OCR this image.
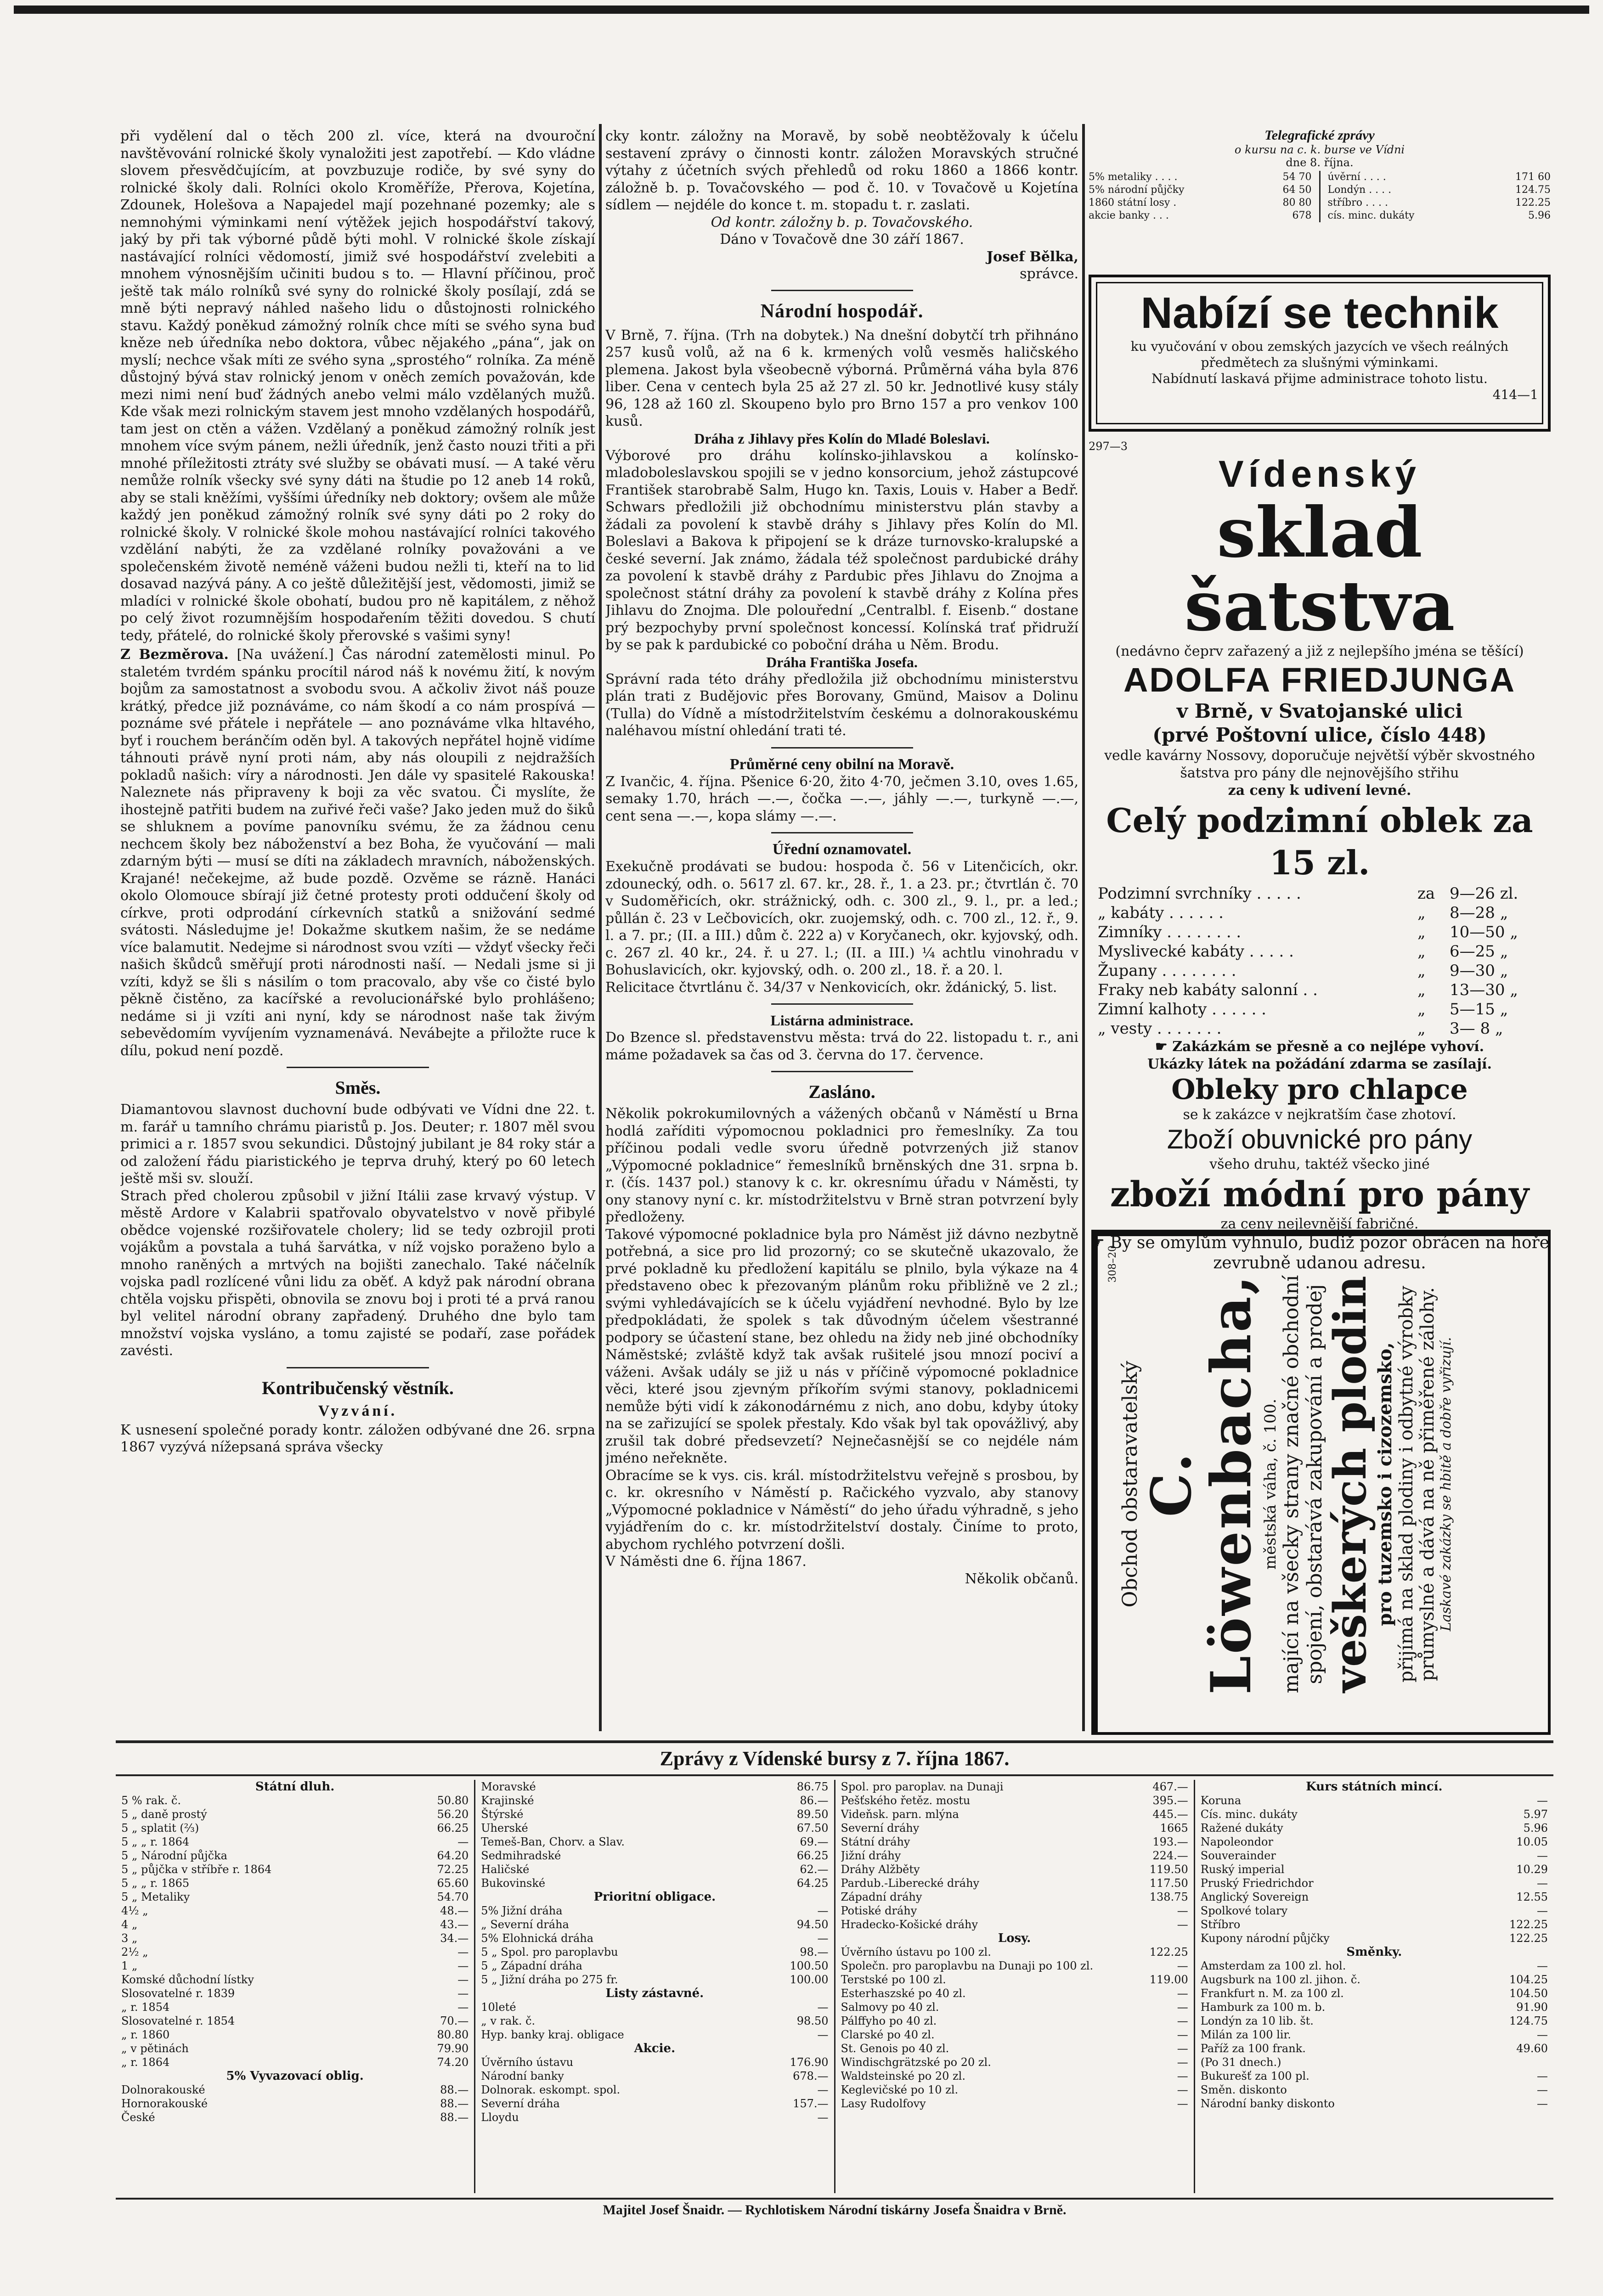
při vydělení dal o těch 200 zl. více, která na dvouroční navštěvování rolnické školy vynaložiti jest zapotřebí. — Kdo vládne slovem přesvědčujícím, at povzbuzuje rodiče, by své syny do rolnické školy dali. Rolníci okolo Kroměříže, Přerova, Kojetína, Zdounek, Holešova a Napajedel mají pozehnané pozemky; ale s nemnohými výminkami není výtěžek jejich hospodářství takový, jaký by při tak výborné půdě býti mohl. V rolnické škole získají nastávající rolníci vědomostí, jimiž své hospodářství zvelebiti a mnohem výnosnějším učiniti budou s to. — Hlavní příčinou, proč ještě tak málo rolníků své syny do rolnické školy posílají, zdá se mně býti nepravý náhled našeho lidu o důstojnosti rolnického stavu. Každý poněkud zámožný rolník chce míti se svého syna buď kněze neb úředníka nebo doktora, vůbec nějakého „pána“, jak on myslí; nechce však míti ze svého syna „sprostého“ rolníka. Za méně důstojný bývá stav rolnický jenom v oněch zemích považován, kde mezi nimi není buď žádných anebo velmi málo vzdělaných mužů. Kde však mezi rolnickým stavem jest mnoho vzdělaných hospodářů, tam jest on ctěn a vážen. Vzdělaný a poněkud zámožný rolník jest mnohem více svým pánem, nežli úředník, jenž často nouzi třiti a při mnohé příležitosti ztráty své služby se obávati musí. — A také věru nemůže rolník všecky své syny dáti na študie po 12 aneb 14 roků, aby se stali kněžími, vyššími úředníky neb doktory; ovšem ale může každý jen poněkud zámožný rolník své syny dáti po 2 roky do rolnické školy. V rolnické škole mohou nastávající rolníci takového vzdělání nabýti, že za vzdělané rolníky považováni a ve společenském životě neméně váženi budou nežli ti, kteří na to lid dosavad nazývá pány. A co ještě důležitější jest, vědomosti, jimiž se mladíci v rolnické škole obohatí, budou pro ně kapitálem, z něhož po celý život rozumnějším hospodařením těžiti dovedou. S chutí tedy, přátelé, do rolnické školy přerovské s vašimi syny!

Z Bezměrova. [Na uvážení.] Čas národní zatemělosti minul. Po staletém tvrdém spánku procítil národ náš k novému žití, k novým bojům za samostatnost a svobodu svou. A ačkoliv život náš pouze krátký, předce již poznáváme, co nám škodí a co nám prospívá — poznáme své přátele i nepřátele — ano poznáváme vlka hltavého, byť i rouchem beránčím oděn byl. A takových nepřátel hojně vidíme táhnouti právě nyní proti nám, aby nás oloupili z nejdražších pokladů našich: víry a národnosti. Jen dále vy spasitelé Rakouska! Naleznete nás připraveny k boji za věc svatou. Či myslíte, že ihostejně patřiti budem na zuřivé řeči vaše? Jako jeden muž do šiků se shluknem a povíme panovníku svému, že za žádnou cenu nechcem školy bez náboženství a bez Boha, že vyučování — mali zdarným býti — musí se díti na základech mravních, náboženských. Krajané! nečekejme, až bude pozdě. Ozvěme se rázně. Hanáci okolo Olomouce sbírají již četné protesty proti oddučení školy od církve, proti odprodání církevních statků a snižování sedmé svátosti. Následujme je! Dokažme skutkem našim, že se nedáme více balamutit. Nedejme si národnost svou vzíti — vždyť všecky řeči našich škůdců směřují proti národnosti naší. — Nedali jsme si ji vzíti, když se šli s násilím o tom pracovalo, aby vše co čisté bylo pěkně čistěno, za kacířské a revolucionářské bylo prohlášeno; nedáme si ji vzíti ani nyní, kdy se národnost naše tak živým sebevědomím vyvíjením vyznamenává. Nevábejte a přiložte ruce k dílu, pokud není pozdě.

Směs.

Diamantovou slavnost duchovní bude odbývati ve Vídni dne 22. t. m. farář u tamního chrámu piaristů p. Jos. Deuter; r. 1807 měl svou primici a r. 1857 svou sekundici. Důstojný jubilant je 84 roky stár a od založení řádu piaristického je teprva druhý, který po 60 letech ještě mši sv. slouží.

Strach před cholerou způsobil v jižní Itálii zase krvavý výstup. V městě Ardore v Kalabrii spatřovalo obyvatelstvo v nově přibylé obědce vojenské rozšiřovatele cholery; lid se tedy ozbrojil proti vojákům a povstala a tuhá šarvátka, v níž vojsko poraženo bylo a mnoho raněných a mrtvých na bojišti zanechalo. Také náčelník vojska padl rozlícené vůni lidu za oběť. A když pak národní obrana chtěla vojsku přispěti, obnovila se znovu boj i proti té a prvá ranou byl velitel národní obrany zapřadený. Druhého dne bylo tam množství vojska vysláno, a tomu zajisté se podaří, zase pořádek zavésti.

Kontribučenský věstník.
Vyzvání.

K usnesení společné porady kontr. záložen odbývané dne 26. srpna 1867 vyzývá nížepsaná správa všecky

cky kontr. záložny na Moravě, by sobě neobtěžovaly k účelu sestavení zprávy o činnosti kontr. záložen Moravských stručné výtahy z účetních svých přehledů od roku 1860 a 1866 kontr. záložně b. p. Tovačovského — pod č. 10. v Tovačově u Kojetína sídlem — nejdéle do konce t. m. stopadu t. r. zaslati.

Od kontr. záložny b. p. Tovačovského.

Dáno v Tovačově dne 30 září 1867.

Josef Bělka,

správce.

Národní hospodář.

V Brně, 7. října. (Trh na dobytek.) Na dnešní dobytčí trh přihnáno 257 kusů volů, až na 6 k. krmených volů vesměs haličského plemena. Jakost byla všeobecně výborná. Průměrná váha byla 876 liber. Cena v centech byla 25 až 27 zl. 50 kr. Jednotlivé kusy stály 96, 128 až 160 zl. Skoupeno bylo pro Brno 157 a pro venkov 100 kusů.

Dráha z Jihlavy přes Kolín do Mladé Boleslavi.

Výborové pro dráhu kolínsko-jihlavskou a kolínsko-mladoboleslavskou spojili se v jedno konsorcium, jehož zástupcové František starobrabě Salm, Hugo kn. Taxis, Louis v. Haber a Bedř. Schwars předložili již obchodnímu ministerstvu plán stavby a žádali za povolení k stavbě dráhy s Jihlavy přes Kolín do Ml. Boleslavi a Bakova k připojení se k dráze turnovsko-kralupské a české severní. Jak známo, žádala též společnost pardubické dráhy za povolení k stavbě dráhy z Pardubic přes Jihlavu do Znojma a společnost státní dráhy za povolení k stavbě dráhy z Kolína přes Jihlavu do Znojma. Dle polouřední „Centralbl. f. Eisenb.“ dostane prý bezpochyby první společnost koncessí. Kolínská trať přidruží by se pak k pardubické co poboční dráha u Něm. Brodu.

Dráha Františka Josefa.

Správní rada této dráhy předložila již obchodnímu ministerstvu plán trati z Budějovic přes Borovany, Gmünd, Maisov a Dolinu (Tulla) do Vídně a místodržitelstvím českému a dolnorakouskému naléhavou místní ohledání trati té.

Průměrné ceny obilní na Moravě.

Z Ivančic, 4. října. Pšenice 6·20, žito 4·70, ječmen 3.10, oves 1.65, semaky 1.70, hrách —.—, čočka —.—, jáhly —.—, turkyně —.—, cent sena —.—, kopa slámy —.—.

Úřední oznamovatel.

Exekučně prodávati se budou: hospoda č. 56 v Litenčicích, okr. zdounecký, odh. o. 5617 zl. 67. kr., 28. ř., 1. a 23. pr.; čtvrtlán č. 70 v Sudoměřicích, okr. strážnický, odh. c. 300 zl., 9. l., pr. a led.; půllán č. 23 v Lečbovicích, okr. zuojemský, odh. c. 700 zl., 12. ř., 9. l. a 7. pr.; (II. a III.) dům č. 222 a) v Koryčanech, okr. kyjovský, odh. c. 267 zl. 40 kr., 24. ř. u 27. l.; (II. a III.) ¼ achtlu vinohradu v Bohuslavicích, okr. kyjovský, odh. o. 200 zl., 18. ř. a 20. l.

Relicitace čtvrtlánu č. 34/37 v Nenkovicích, okr. ždánický, 5. list.

Listárna administrace.

Do Bzence sl. představenstvu města: trvá do 22. listopadu t. r., ani máme požadavek sa čas od 3. června do 17. července.

Zasláno.

Několik pokrokumilovných a vážených občanů v Náměstí u Brna hodlá zaříditi výpomocnou pokladnici pro řemeslníky. Za tou příčinou podali vedle svoru úředně potvrzených již stanov „Výpomocné pokladnice“ řemeslníků brněnských dne 31. srpna b. r. (čís. 1437 pol.) stanovy k c. kr. okresnímu úřadu v Náměsti, ty ony stanovy nyní c. kr. místodržitelstvu v Brně stran potvrzení byly předloženy.

Takové výpomocné pokladnice byla pro Náměst již dávno nezbytně potřebná, a sice pro lid prozorný; co se skutečně ukazovalo, že prvé pokladně ku předložení kapitálu se plnilo, byla výkaze na 4 představeno obec k přezovaným plánům roku přibližně ve 2 zl.; svými vyhledávajících se k účelu vyjádření nevhodné. Bylo by lze předpokládati, že spolek s tak důvodným účelem všestranné podpory se účastení stane, bez ohledu na židy neb jiné obchodníky Náměstské; zvláště když tak avšak rušitelé jsou mnozí pociví a váženi. Avšak udály se již u nás v příčině výpomocné pokladnice věci, které jsou zjevným příkořím svými stanovy, pokladnicemi nemůže býti vidí k zákonodárnému z nich, ano dobu, kdyby útoky na se zařizující se spolek přestaly. Kdo však byl tak opovážlivý, aby zrušil tak dobré předsevzetí? Nejnečasnější se co nejdéle nám jméno neřekněte.

Obracíme se k vys. cis. král. místodržitelstvu veřejně s prosbou, by c. kr. okresního v Náměstí p. Račického vyzvalo, aby stanovy „Výpomocné pokladnice v Náměstí“ do jeho úřadu výhradně, s jeho vyjádřením do c. kr. místodržitelství dostaly. Činíme to proto, abychom rychlého potvrzení došli.

V Náměsti dne 6. října 1867.

Několik občanů.

Telegrafické zprávy
o kursu na c. k. burse ve Vídni
dne 8. října.
5% metaliky . . . .	54 70
5% národní půjčky	64 50
1860 státní losy .	80 80
akcie banky . . .	678
úvěrní . . . .	171 60
Londýn . . . .	124.75
stříbro . . . .	122.25
cís. minc. dukáty	5.96
Nabízí se technik

ku vyučování v obou zemských jazycích ve všech reálných předmětech za slušnými výminkami.

Nabídnutí laskavá přijme administrace tohoto listu.

414—1

297—3
Vídenský
sklad šatstva
(nedávno čeprv zařazený a již z nejlepšího jména se těšící)
ADOLFA FRIEDJUNGA
v Brně, v Svatojanské ulici
(prvé Poštovní ulice, číslo 448)
vedle kavárny Nossovy, doporučuje největší výběr skvostného šatstva pro pány dle nejnovějšího střihu
za ceny k udivení levné.
Celý podzimní oblek za 15 zl.
Podzimní svrchníky . . . . .	za 9—26 zl.
„ kabáty . . . . . .	„	8—28 „
Zimníky . . . . . . . .	„	10—50 „
Myslivecké kabáty . . . . .	„	6—25 „
Župany . . . . . . . .	„	9—30 „
Fraky neb kabáty salonní . .	„	13—30 „
Zimní kalhoty . . . . . .	„	5—15 „
„ vesty . . . . . . .	„	3— 8 „
☛ Zakázkám se přesně a co nejlépe vyhoví.
Ukázky látek na požádání zdarma se zasílají.
Obleky pro chlapce
se k zakázce v nejkratším čase zhotoví.
Zboží obuvnické pro pány
všeho druhu, taktéž všecko jiné
zboží módní pro pány
za ceny nejlevnější fabričné.
☛ By se omylům vyhnulo, budiž pozor obrácen na hoře zevrubně udanou adresu.
308–20
Obchod obstaravatelský
C. Löwenbacha,
městská váha, č. 100. mající na všecky strany značné obchodní spojení, obstarává zakupování a prodej
veškerých plodin
pro tuzemsko i cizozemsko, přijímá na sklad plodiny i odbytné výrobky průmyslné a dává na ně přiměřené zálohy. Laskavé zakázky se hbitě a dobře vyřizují.
Zprávy z Vídenské bursy z 7. října 1867.
Státní dluh.
5 % rak. č.	50.80
5 „ daně prostý	56.20
5 „ splatit (⅔)	66.25
5 „ „ r. 1864	—
5 „ Národní půjčka	64.20
5 „ půjčka v stříbře r. 1864	72.25
5 „ „ r. 1865	65.60
5 „ Metaliky	54.70
4½ „	48.—
4 „	43.—
3 „	34.—
2½ „	—
1 „	—
Komské důchodní lístky	—
Slosovatelné r. 1839	—
„ r. 1854	—
Slosovatelné r. 1854	70.—
„ r. 1860	80.80
„ v pětinách	79.90
„ r. 1864	74.20
5% Vyvazovací oblig.
Dolnorakouské	88.—
Hornorakouské	88.—
České	88.—
Moravské	86.75
Krajinské	86.—
Štýrské	89.50
Uherské	67.50
Temeš-Ban, Chorv. a Slav.	69.—
Sedmihradské	66.25
Haličské	62.—
Bukovinské	64.25
Prioritní obligace.
5% Jižní dráha	—
„ Severní dráha	94.50
5% Elohnická dráha	—
5 „ Spol. pro paroplavbu	98.—
5 „ Západní dráha	100.50
5 „ Jižní dráha po 275 fr.	100.00
Listy zástavné.
10leté	—
„ v rak. č.	98.50
Hyp. banky kraj. obligace	—
Akcie.
Úvěrního ústavu	176.90
Národní banky	678.—
Dolnorak. eskompt. spol.	—
Severní dráha	157.—
Lloydu	—
Spol. pro paroplav. na Dunaji	467.—
Pešťského řetěz. mostu	395.—
Videňsk. parn. mlýna	445.—
Severní dráhy	1665
Státní dráhy	193.—
Jižní dráhy	224.—
Dráhy Alžběty	119.50
Pardub.-Liberecké dráhy	117.50
Západní dráhy	138.75
Potiské dráhy	—
Hradecko-Košické dráhy	—
Losy.
Úvěrního ústavu po 100 zl.	122.25
Společn. pro paroplavbu na Dunaji po 100 zl.	—
Terstské po 100 zl.	119.00
Esterhaszské po 40 zl.	—
Salmovy po 40 zl.	—
Pálffyho po 40 zl.	—
Clarské po 40 zl.	—
St. Genois po 40 zl.	—
Windischgrätzské po 20 zl.	—
Waldsteinské po 20 zl.	—
Keglevičské po 10 zl.	—
Lasy Rudolfovy	—
Kurs státních mincí.
Koruna	—
Cís. minc. dukáty	5.97
Ražené dukáty	5.96
Napoleondor	10.05
Souverainder	—
Ruský imperial	10.29
Pruský Friedrichdor	—
Anglický Sovereign	12.55
Spolkové tolary	—
Stříbro	122.25
Kupony národní půjčky	122.25
Směnky.
Amsterdam za 100 zl. hol.	—
Augsburk na 100 zl. jihon. č.	104.25
Frankfurt n. M. za 100 zl.	104.50
Hamburk za 100 m. b.	91.90
Londýn za 10 lib. št.	124.75
Milán za 100 lir.	—
Paříž za 100 frank.	49.60
(Po 31 dnech.)
Bukurešť za 100 pl.	—
Směn. diskonto	—
Národní banky diskonto	—
Majitel Josef Šnaidr. — Rychlotiskem Národní tiskárny Josefa Šnaidra v Brně.
